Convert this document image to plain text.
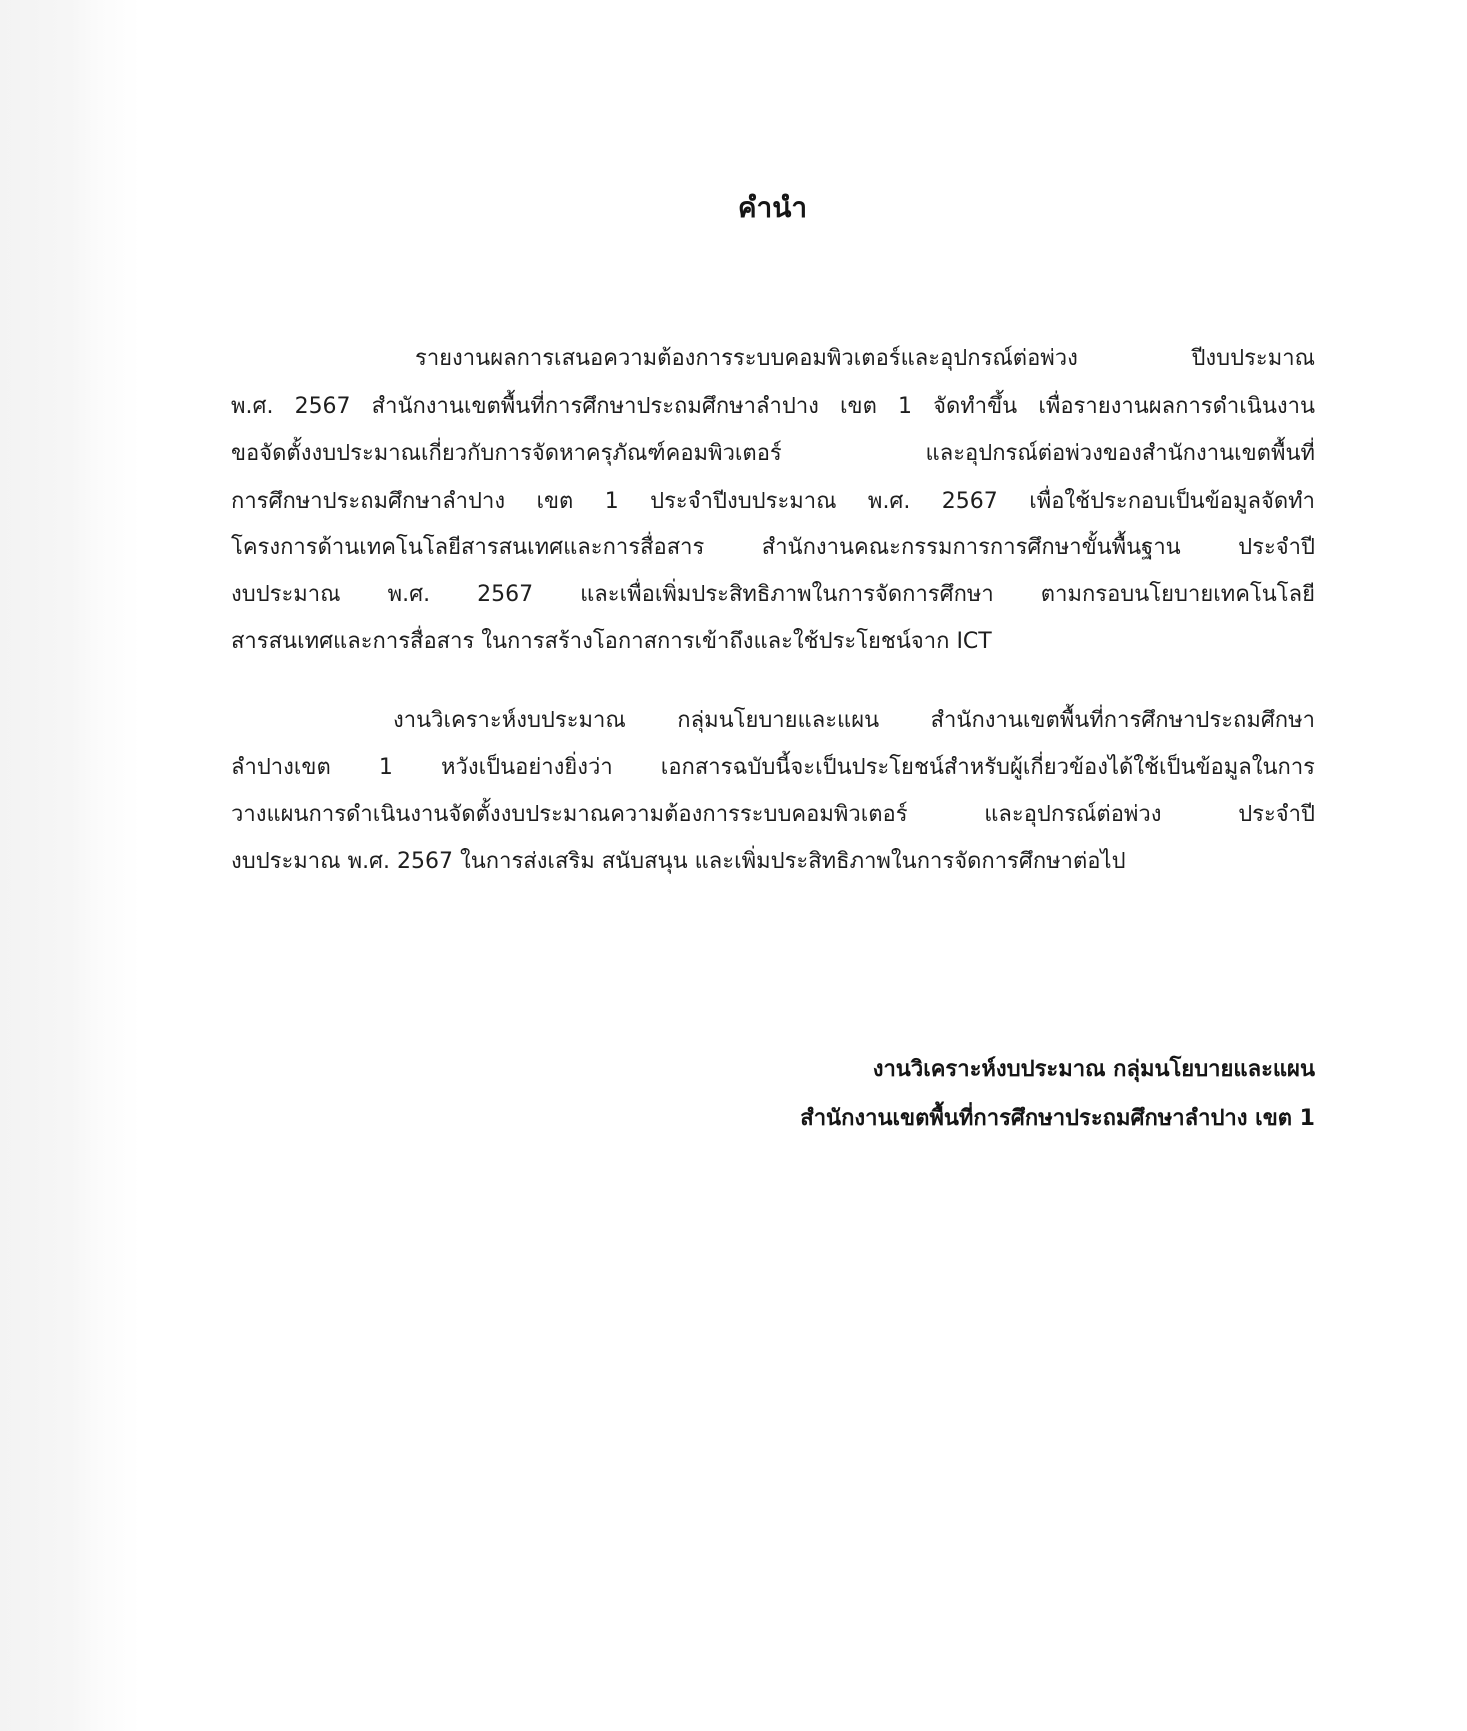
คำนำ
รายงานผลการเสนอความต้องการระบบคอมพิวเตอร์และอุปกรณ์ต่อพ่วง ปีงบประมาณ
พ.ศ. 2567 สำนักงานเขตพื้นที่การศึกษาประถมศึกษาลำปาง เขต 1 จัดทำขึ้น เพื่อรายงานผลการดำเนินงาน
ขอจัดตั้งงบประมาณเกี่ยวกับการจัดหาครุภัณฑ์คอมพิวเตอร์ และอุปกรณ์ต่อพ่วงของสำนักงานเขตพื้นที่
การศึกษาประถมศึกษาลำปาง เขต 1 ประจำปีงบประมาณ พ.ศ. 2567 เพื่อใช้ประกอบเป็นข้อมูลจัดทำ
โครงการด้านเทคโนโลยีสารสนเทศและการสื่อสาร สำนักงานคณะกรรมการการศึกษาขั้นพื้นฐาน ประจำปี
งบประมาณ พ.ศ. 2567 และเพื่อเพิ่มประสิทธิภาพในการจัดการศึกษา ตามกรอบนโยบายเทคโนโลยี
สารสนเทศและการสื่อสาร ในการสร้างโอกาสการเข้าถึงและใช้ประโยชน์จาก ICT
งานวิเคราะห์งบประมาณ กลุ่มนโยบายและแผน สำนักงานเขตพื้นที่การศึกษาประถมศึกษา
ลำปางเขต 1 หวังเป็นอย่างยิ่งว่า เอกสารฉบับนี้จะเป็นประโยชน์สำหรับผู้เกี่ยวข้องได้ใช้เป็นข้อมูลในการ
วางแผนการดำเนินงานจัดตั้งงบประมาณความต้องการระบบคอมพิวเตอร์ และอุปกรณ์ต่อพ่วง ประจำปี
งบประมาณ พ.ศ. 2567 ในการส่งเสริม สนับสนุน และเพิ่มประสิทธิภาพในการจัดการศึกษาต่อไป
งานวิเคราะห์งบประมาณ กลุ่มนโยบายและแผน
สำนักงานเขตพื้นที่การศึกษาประถมศึกษาลำปาง เขต 1
